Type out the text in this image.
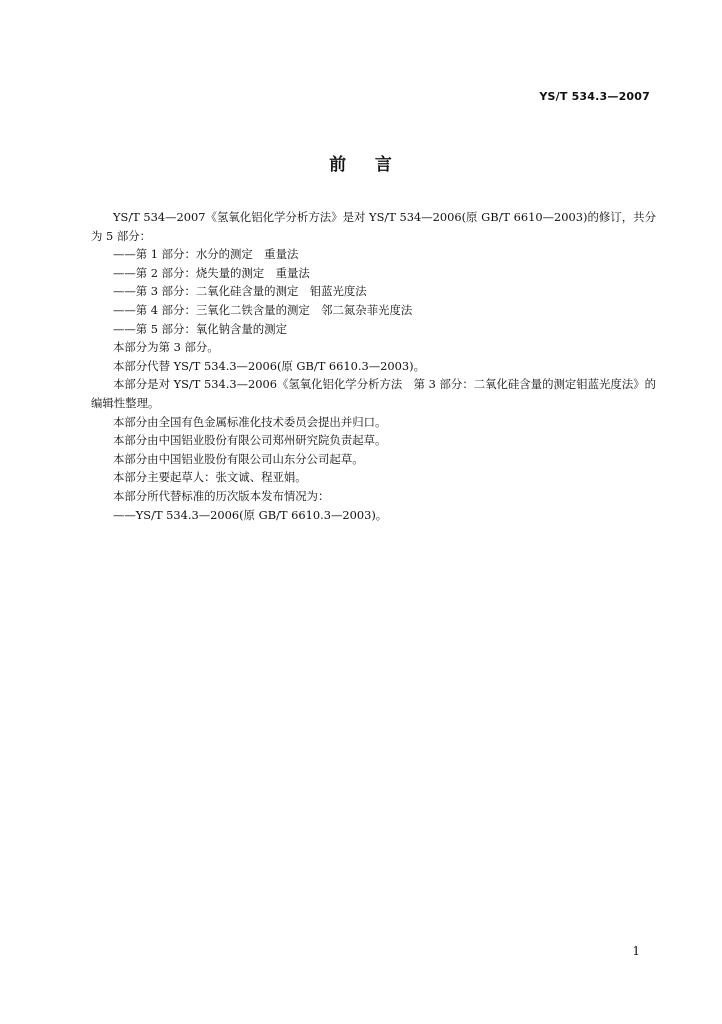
YS/T 534.3—2007
前    言

YS/T 534—2007《氢氧化铝化学分析方法》是对 YS/T 534—2006(原 GB/T 6610—2003)的修订，共分为 5 部分：

——第 1 部分：水分的测定　重量法

——第 2 部分：烧失量的测定　重量法

——第 3 部分：二氧化硅含量的测定　钼蓝光度法

——第 4 部分：三氧化二铁含量的测定　邻二氮杂菲光度法

——第 5 部分：氧化钠含量的测定

本部分为第 3 部分。

本部分代替 YS/T 534.3—2006(原 GB/T 6610.3—2003)。

本部分是对 YS/T 534.3—2006《氢氧化铝化学分析方法　第 3 部分：二氧化硅含量的测定钼蓝光度法》的编辑性整理。

本部分由全国有色金属标准化技术委员会提出并归口。

本部分由中国铝业股份有限公司郑州研究院负责起草。

本部分由中国铝业股份有限公司山东分公司起草。

本部分主要起草人：张文诚、程亚娟。

本部分所代替标准的历次版本发布情况为：

——YS/T 534.3—2006(原 GB/T 6610.3—2003)。

1
